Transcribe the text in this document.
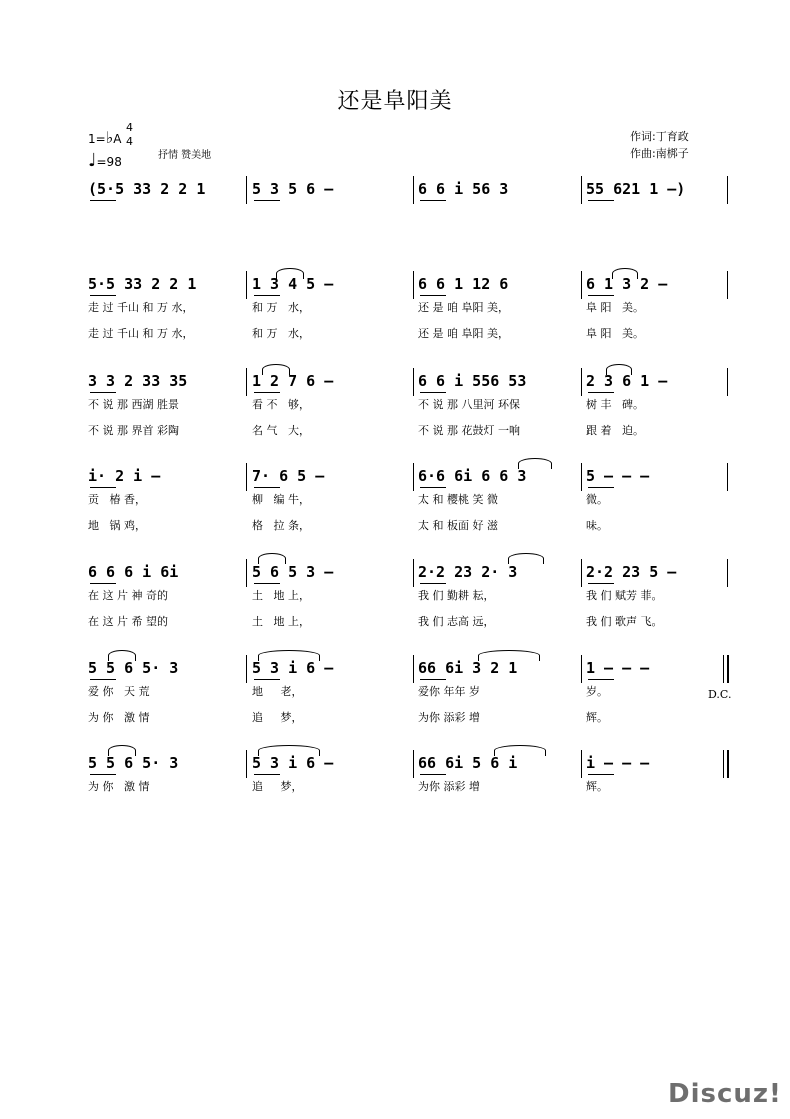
还是阜阳美
1=♭A
4
4
♩=98	抒情 赞美地
作词:丁育政
作曲:南梆子
(5·5 33 2 2 1	5 3 5 6 –	6 6 i 56 3	55 621 1 –)
5·5 33 2 2 1	1 3 4 5 –	6 6 1 12 6	6 1 3 2 –
走 过 千山 和 万 水，	和 万   水，	还 是 咱 阜阳 美，	阜 阳   美。
走 过 千山 和 万 水，	和 万   水，	还 是 咱 阜阳 美，	阜 阳   美。
3 3 2 33 35	1 2 7 6 –	6 6 i 556 53	2 3 6 1 –
不 说 那 西湖 胜景	看 不   够，	不 说 那 八里河 环保	树 丰   碑。
不 说 那 界首 彩陶	名 气   大，	不 说 那 花鼓灯 一响	跟 着   迫。
i· 2 i –	7· 6 5 –	6·6 6i 6 6 3	5 – – –
贡   椿 香，	柳   编 牛，	太 和 樱桃 笑 微	微。
地   锅 鸡，	格   拉 条，	太 和 板面 好 滋	味。
6 6 6 i 6i	5 6 5 3 –	2·2 23 2· 3	2·2 23 5 –
在 这 片 神 奇的	土   地 上，	我 们 勤耕 耘，	我 们 赋芳 菲。
在 这 片 希 望的	土   地 上，	我 们 志高 远，	我 们 歌声 飞。
5 5 6 5· 3	5 3 i 6 –	66 6i 3 2 1	1 – – –
爱 你   天 荒	地     老，	爱你 年年 岁	岁。
为 你   激 情	追     梦，	为你 添彩 增	辉。
5 5 6 5· 3	5 3 i 6 –	66 6i 5 6 i	i – – –
为 你   激 情	追     梦，	为你 添彩 增	辉。
D.C.
Discuz!
